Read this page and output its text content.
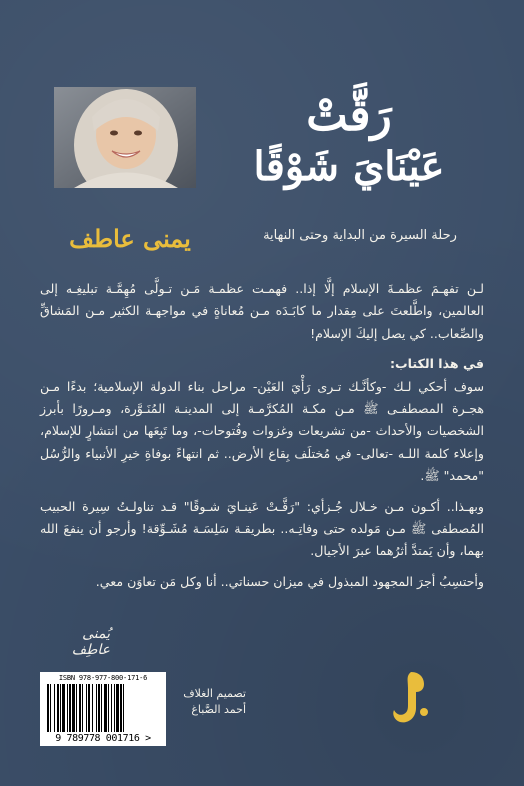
يمنى عاطف
رَقَّتْ
عَيْنَايَ شَوْقًا

رحلة السيرة من البداية وحتى النهاية

لـن تفهـمَ عظمـةَ الإسلام إلَّا إذا.. فهمـت عظمـة مَـن تـولَّى مُهِمَّـة تبليغِـه إلى العالمين، واطَّلعتَ على مِقدار ما كابَـدَه مـن مُعاناةٍ في مواجهـة الكثير مـن المَشاقِّ والصِّعاب.. كي يصل إليكَ الإسلام!

في هذا الكتاب:

سوف أحكي لـك -وكأنَّـك تـرى رَأْيَ العَيْن- مراحل بناء الدولة الإسلامية؛ بدءًا مـن هجـرة المصطفـى ﷺ مـن مكـة المُكرَّمـة إلى المدينـة المُنَـوَّرة، ومـرورًا بأبرز الشخصيات والأحداث -من تشريعات وغزوات وفُتوحات-، وما تَبِعَها من انتشارٍ للإسلام، وإعلاء كلمة اللـه -تعالى- في مُختلَف بِقاع الأرض.. ثم انتهاءً بوفاةِ خيرِ الأنبياء والرُّسُل "محمد" ﷺ.

وبهـذا.. أكـون مـن خـلال جُـزأي: "رَقَّـتْ عَينـايَ شـوقًا" قـد تناولـتُ سِيرة الحبيب المُصطفى ﷺ مـن مَولده حتى وفاتِـه.. بطريقـة سَلِسَـة مُشَـوِّقة! وأرجو أن ينفعَ الله بهما، وأن يَمتدَّ أثرُهما عبرَ الأجيال.

وأحتسِبُ أجرَ المجهود المبذول في ميزان حسناتي.. أنا وكل مَن تعاوَن معي.

يُمنى عاطِف

ISBN 978-977-800-171-6
9 789778 001716 >
تصميم الغلاف
أحمد الصَّباغ
